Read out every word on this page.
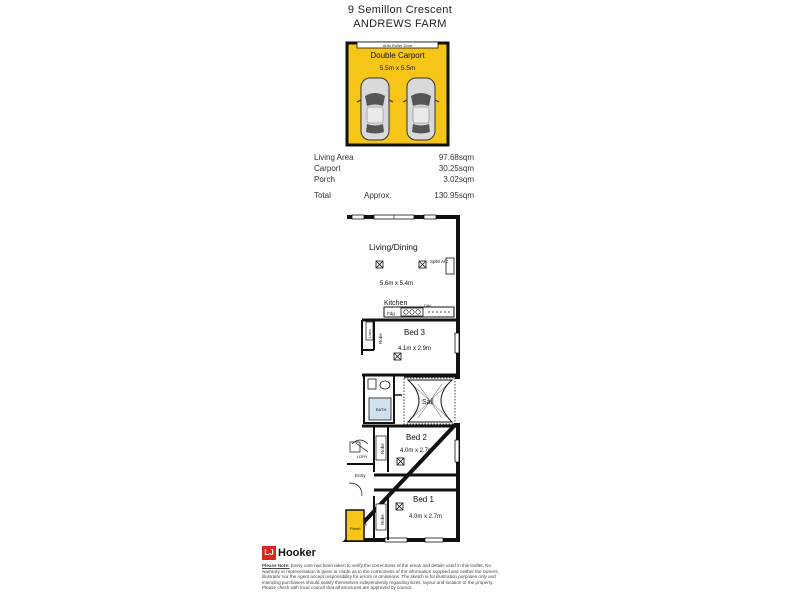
9 Semillon Crescent
ANDREWS FARM
Living Area	97.68sqm
Carport	30.25sqm
Porch	3.02sqm
Total	Approx.	130.95sqm
Auto Roller Door
Double Carport
5.5m x 5.5m
Living/Dining
5.6m x 5.4m
Split/ A/C
Kitchen
Fdg
DW
Bed 3
4.1m x 2.9m
Robe
Linen
BATH
Sail
Bed 2
4.0m x 2.7m
Robe
LDRY
Entry
Bed 1
4.0m x 2.7m
Robe
Porch
LJ Hooker
Please Note: Every care has been taken to verify the correctness of the areas and details used in this leaflet. No warranty or representation is given or made as to the correctness of the information supplied and neither the owners, illustrator nor the Agent accept responsibility for errors or omissions. The sketch is for illustration purposes only and intending purchasers should satisfy themselves independently regarding sizes, layout and location of the property. Please check with local council that all structures are approved by council.
